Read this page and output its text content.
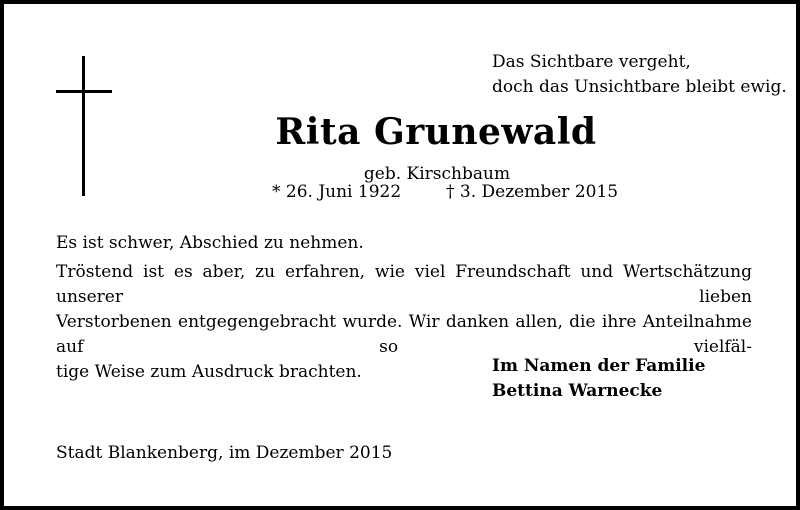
Das Sichtbare vergeht,
doch das Unsichtbare bleibt ewig.
Rita Grunewald
geb. Kirschbaum
* 26. Juni 1922	† 3. Dezember 2015
Es ist schwer, Abschied zu nehmen.
Tröstend ist es aber, zu erfahren, wie viel Freundschaft und Wertschätzung unserer lieben
Verstorbenen entgegengebracht wurde. Wir danken allen, die ihre Anteilnahme auf so vielfäl-
tige Weise zum Ausdruck brachten.	Im Namen der Familie
Bettina Warnecke
Stadt Blankenberg, im Dezember 2015
